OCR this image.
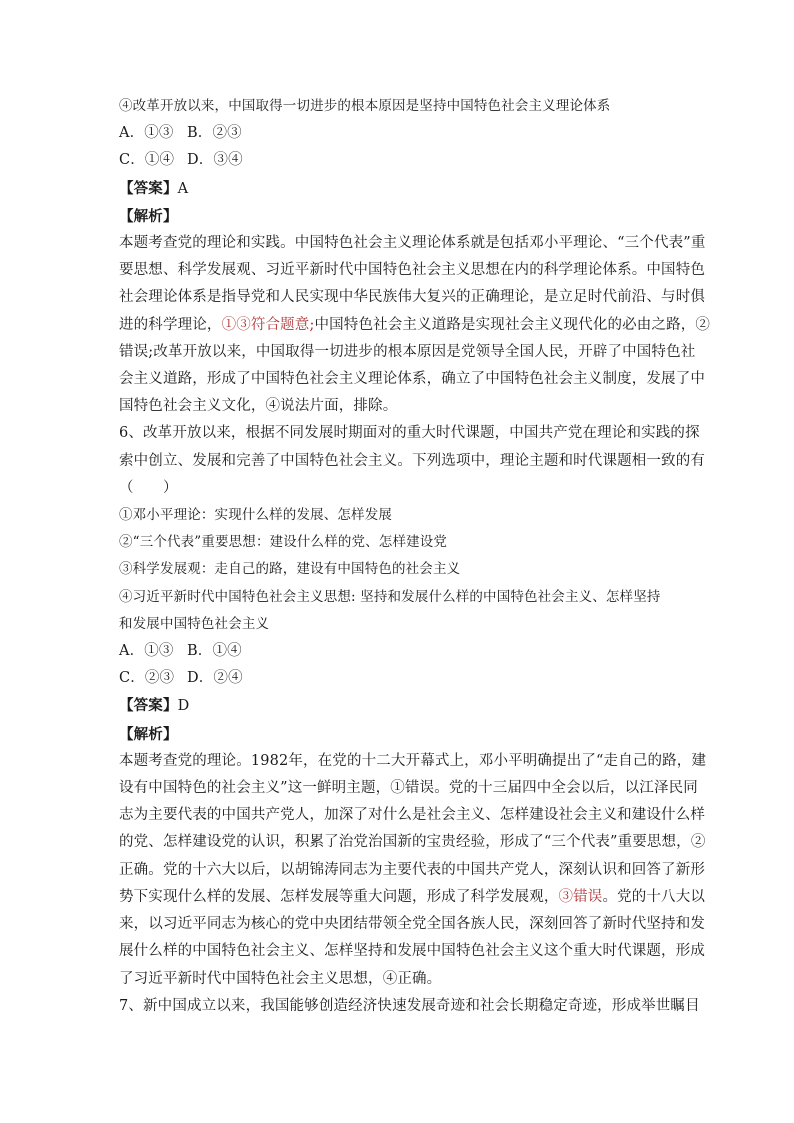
④改革开放以来，中国取得一切进步的根本原因是坚持中国特色社会主义理论体系
A．①③ B．②③
C．①④ D．③④
【答案】A
【解析】
本题考查党的理论和实践。中国特色社会主义理论体系就是包括邓小平理论、“三个代表”重
要思想、科学发展观、习近平新时代中国特色社会主义思想在内的科学理论体系。中国特色
社会理论体系是指导党和人民实现中华民族伟大复兴的正确理论，是立足时代前沿、与时俱
进的科学理论，①③符合题意;中国特色社会主义道路是实现社会主义现代化的必由之路，②
错误;改革开放以来，中国取得一切进步的根本原因是党领导全国人民，开辟了中国特色社
会主义道路，形成了中国特色社会主义理论体系，确立了中国特色社会主义制度，发展了中
国特色社会主义文化，④说法片面，排除。
6、改革开放以来，根据不同发展时期面对的重大时代课题，中国共产党在理论和实践的探
索中创立、发展和完善了中国特色社会主义。下列选项中，理论主题和时代课题相一致的有
（　　）
①邓小平理论：实现什么样的发展、怎样发展
②“三个代表”重要思想：建设什么样的党、怎样建设党
③科学发展观：走自己的路，建设有中国特色的社会主义
④习近平新时代中国特色社会主义思想: 坚持和发展什么样的中国特色社会主义、怎样坚持
和发展中国特色社会主义
A．①③ B．①④
C．②③ D．②④
【答案】D
【解析】
本题考查党的理论。1982年，在党的十二大开幕式上，邓小平明确提出了“走自己的路，建
设有中国特色的社会主义”这一鲜明主题，①错误。党的十三届四中全会以后，以江泽民同
志为主要代表的中国共产党人，加深了对什么是社会主义、怎样建设社会主义和建设什么样
的党、怎样建设党的认识，积累了治党治国新的宝贵经验，形成了“三个代表”重要思想，②
正确。党的十六大以后，以胡锦涛同志为主要代表的中国共产党人，深刻认识和回答了新形
势下实现什么样的发展、怎样发展等重大问题，形成了科学发展观，③错误。党的十八大以
来，以习近平同志为核心的党中央团结带领全党全国各族人民，深刻回答了新时代坚持和发
展什么样的中国特色社会主义、怎样坚持和发展中国特色社会主义这个重大时代课题，形成
了习近平新时代中国特色社会主义思想，④正确。
7、新中国成立以来，我国能够创造经济快速发展奇迹和社会长期稳定奇迹，形成举世瞩目
